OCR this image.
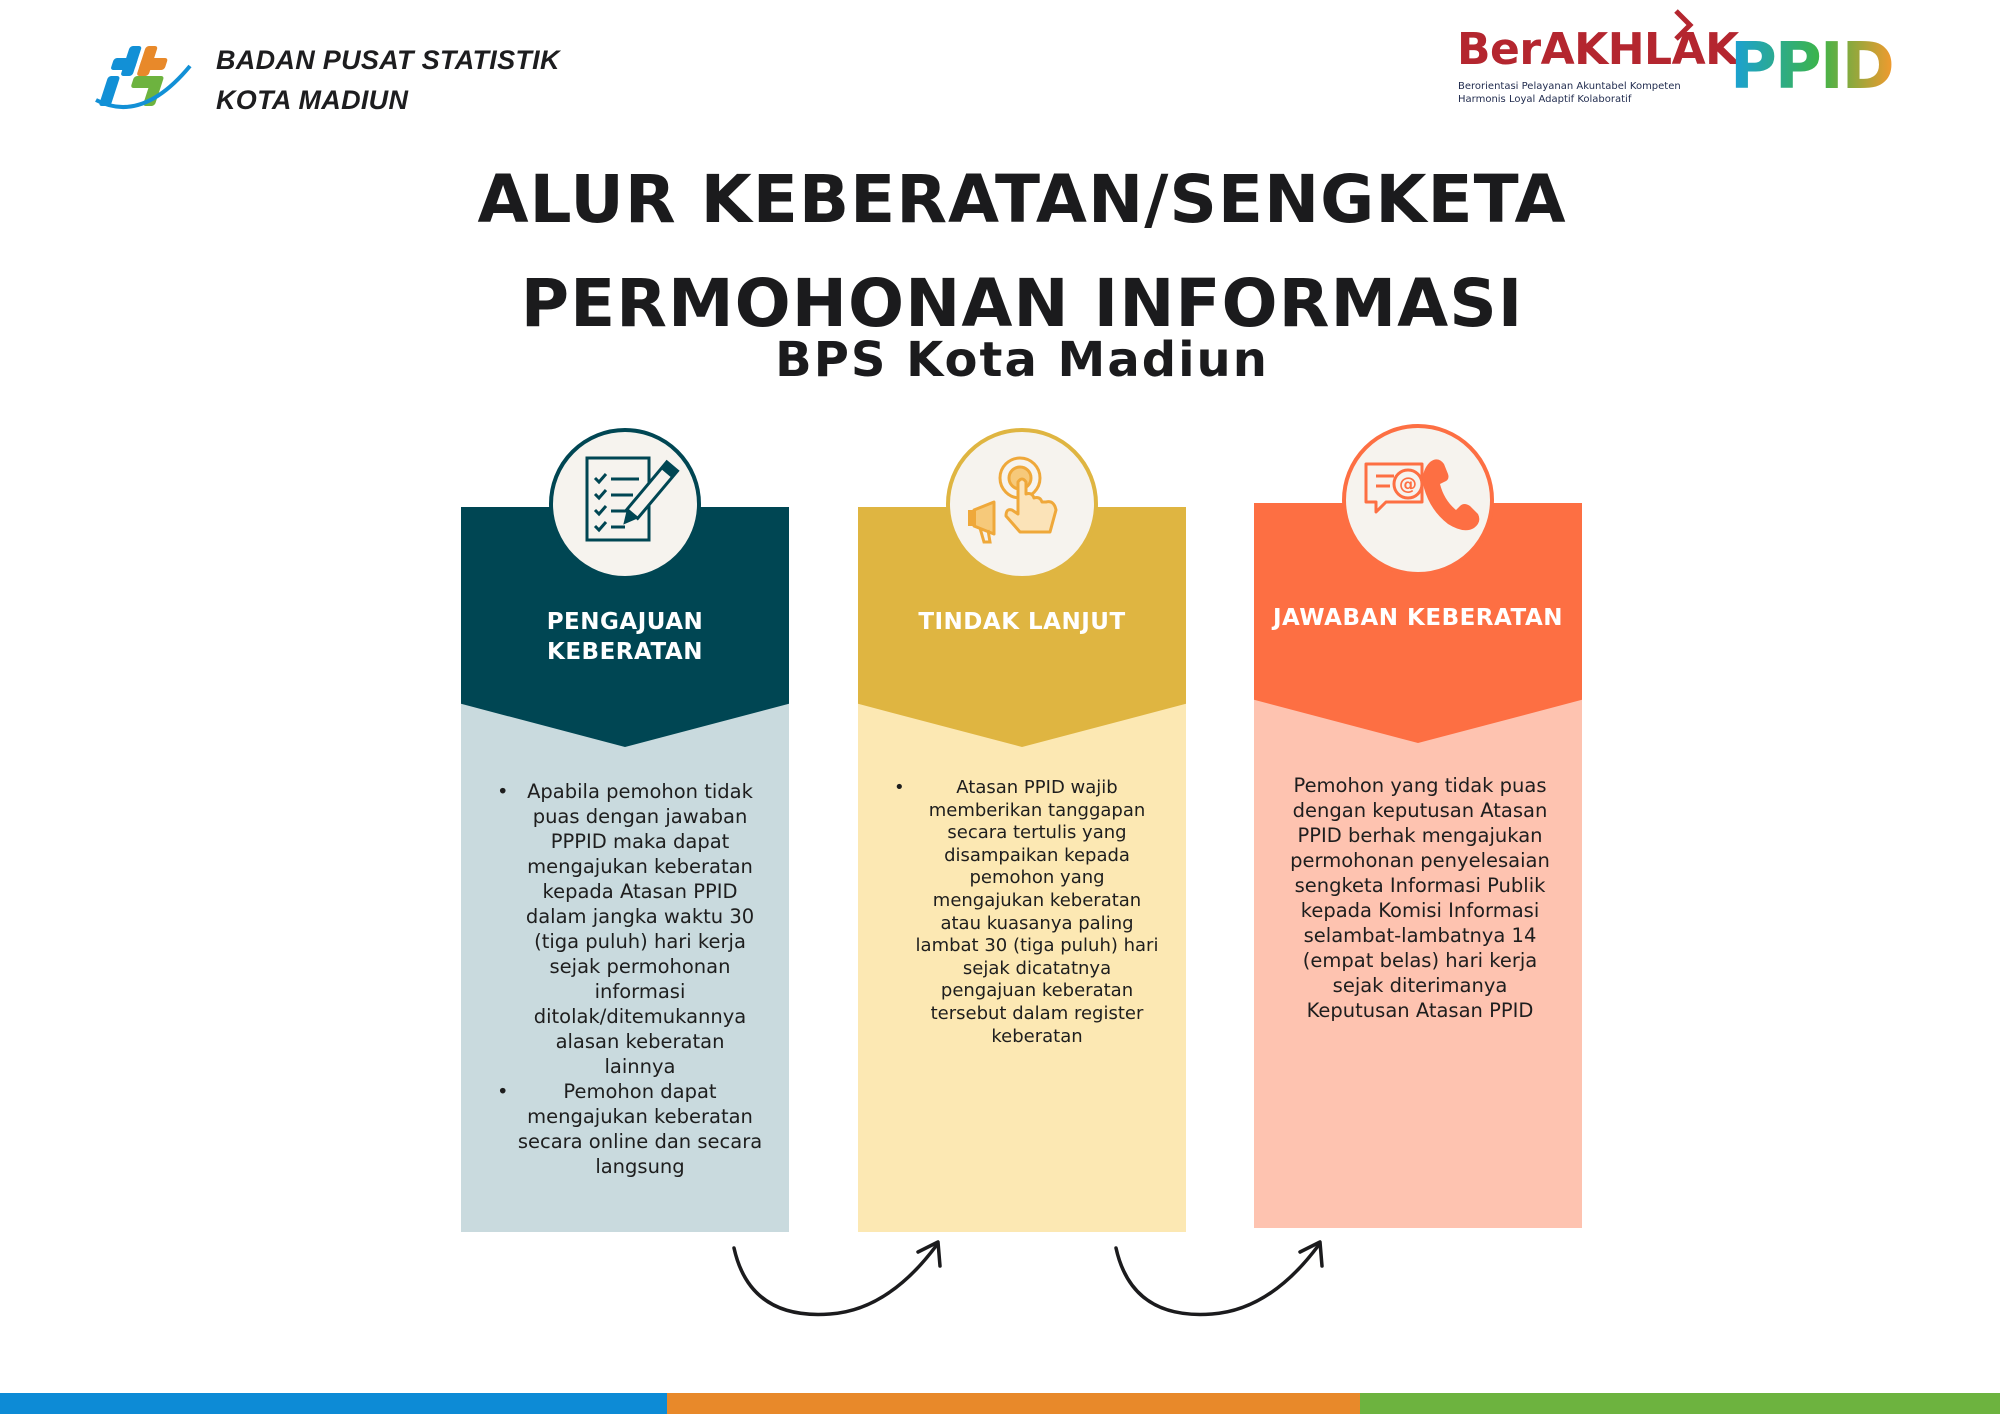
BADAN PUSAT STATISTIK
KOTA MADIUN
BerAKHLAK
Berorientasi Pelayanan Akuntabel Kompeten
Harmonis Loyal Adaptif Kolaboratif	PPID
ALUR KEBERATAN/SENGKETA
PERMOHONAN INFORMASI
BPS Kota Madiun
PENGAJUAN
KEBERATAN
• Apabila pemohon tidak puas dengan jawaban PPPID maka dapat mengajukan keberatan kepada Atasan PPID dalam jangka waktu 30 (tiga puluh) hari kerja sejak permohonan informasi ditolak/ditemukannya alasan keberatan lainnya
• Pemohon dapat mengajukan keberatan secara online dan secara langsung
TINDAK LANJUT
• Atasan PPID wajib memberikan tanggapan secara tertulis yang disampaikan kepada pemohon yang mengajukan keberatan atau kuasanya paling lambat 30 (tiga puluh) hari sejak dicatatnya pengajuan keberatan tersebut dalam register keberatan
@
JAWABAN KEBERATAN

Pemohon yang tidak puas dengan keputusan Atasan PPID berhak mengajukan permohonan penyelesaian sengketa Informasi Publik kepada Komisi Informasi selambat-lambatnya 14 (empat belas) hari kerja sejak diterimanya Keputusan Atasan PPID
